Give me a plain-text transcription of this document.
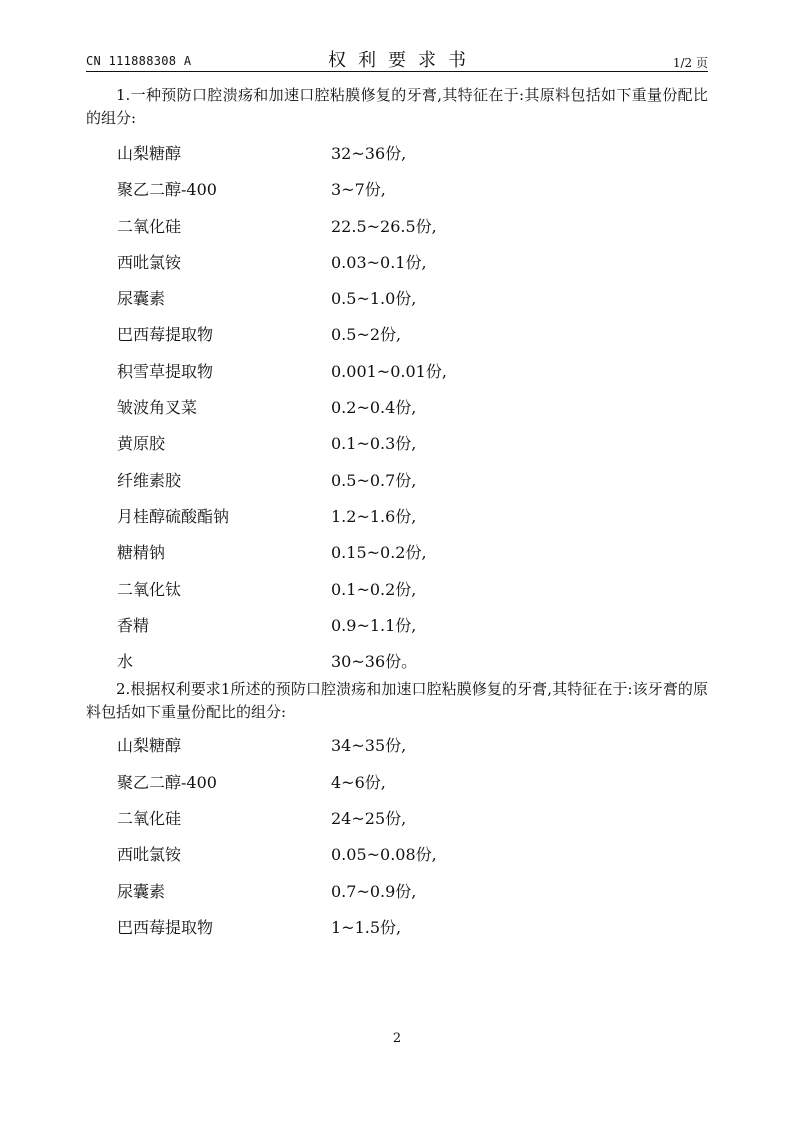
CN 111888308 A	权利要求书	1/2 页

1.一种预防口腔溃疡和加速口腔粘膜修复的牙膏,其特征在于:其原料包括如下重量份配比的组分:

山梨糖醇	32~36份,
聚乙二醇-400	3~7份,
二氧化硅	22.5~26.5份,
西吡氯铵	0.03~0.1份,
尿囊素	0.5~1.0份,
巴西莓提取物	0.5~2份,
积雪草提取物	0.001~0.01份,
皱波角叉菜	0.2~0.4份,
黄原胶	0.1~0.3份,
纤维素胶	0.5~0.7份,
月桂醇硫酸酯钠	1.2~1.6份,
糖精钠	0.15~0.2份,
二氧化钛	0.1~0.2份,
香精	0.9~1.1份,
水	30~36份。

2.根据权利要求1所述的预防口腔溃疡和加速口腔粘膜修复的牙膏,其特征在于:该牙膏的原料包括如下重量份配比的组分:

山梨糖醇	34~35份,
聚乙二醇-400	4~6份,
二氧化硅	24~25份,
西吡氯铵	0.05~0.08份,
尿囊素	0.7~0.9份,
巴西莓提取物	1~1.5份,
2
